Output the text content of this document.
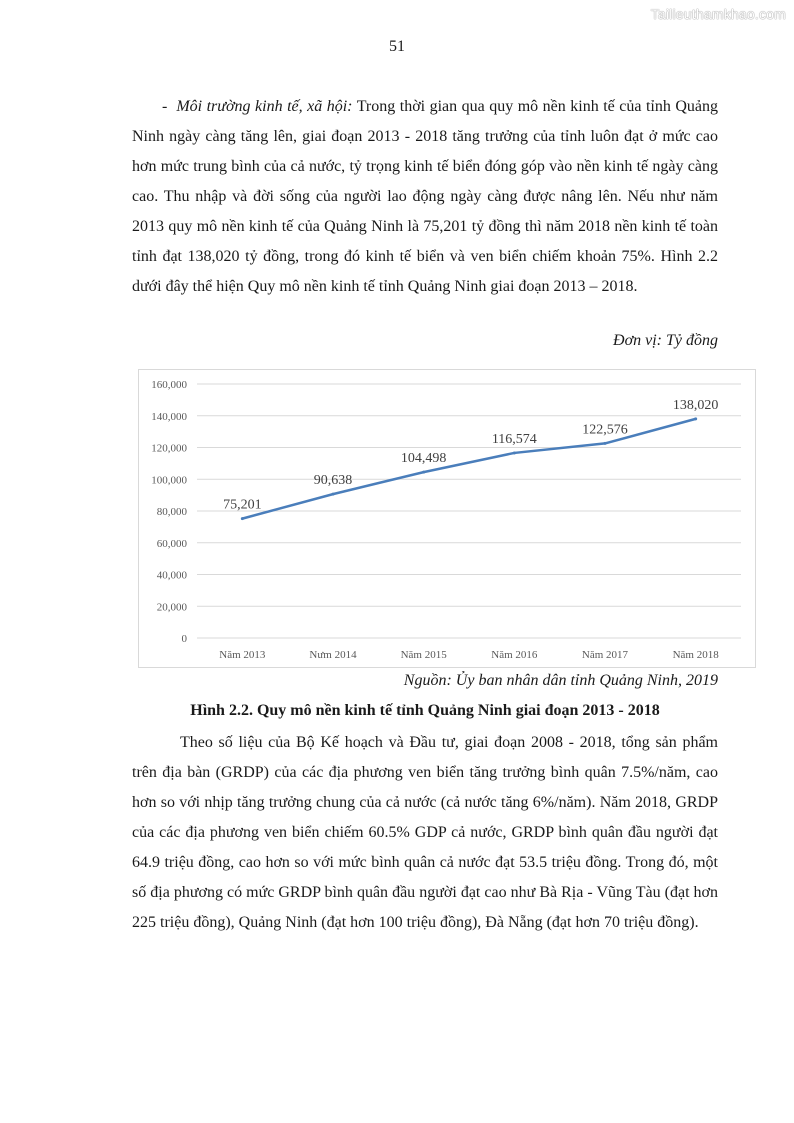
Tailieuthamkhao.com
51

- Môi trường kinh tế, xã hội: Trong thời gian qua quy mô nền kinh tế của tỉnh Quảng Ninh ngày càng tăng lên, giai đoạn 2013 - 2018 tăng trưởng của tỉnh luôn đạt ở mức cao hơn mức trung bình của cả nước, tỷ trọng kinh tế biển đóng góp vào nền kinh tế ngày càng cao. Thu nhập và đời sống của người lao động ngày càng được nâng lên. Nếu như năm 2013 quy mô nền kinh tế của Quảng Ninh là 75,201 tỷ đồng thì năm 2018 nền kinh tế toàn tỉnh đạt 138,020 tỷ đồng, trong đó kinh tế biển và ven biển chiếm khoản 75%. Hình 2.2 dưới đây thể hiện Quy mô nền kinh tế tỉnh Quảng Ninh giai đoạn 2013 – 2018.

Đơn vị: Tỷ đồng
0
20,000
40,000
60,000
80,000
100,000
120,000
140,000
160,000
Năm 2013	Nưm 2014	Năm 2015	Năm 2016	Năm 2017	Năm 2018
75,201
90,638
104,498
116,574
122,576
138,020
Nguồn: Ủy ban nhân dân tỉnh Quảng Ninh, 2019
Hình 2.2. Quy mô nền kinh tế tỉnh Quảng Ninh giai đoạn 2013 - 2018

Theo số liệu của Bộ Kế hoạch và Đầu tư, giai đoạn 2008 - 2018, tổng sản phẩm trên địa bàn (GRDP) của các địa phương ven biển tăng trưởng bình quân 7.5%/năm, cao hơn so với nhịp tăng trưởng chung của cả nước (cả nước tăng 6%/năm). Năm 2018, GRDP của các địa phương ven biển chiếm 60.5% GDP cả nước, GRDP bình quân đầu người đạt 64.9 triệu đồng, cao hơn so với mức bình quân cả nước đạt 53.5 triệu đồng. Trong đó, một số địa phương có mức GRDP bình quân đầu người đạt cao như Bà Rịa - Vũng Tàu (đạt hơn 225 triệu đồng), Quảng Ninh (đạt hơn 100 triệu đồng), Đà Nẵng (đạt hơn 70 triệu đồng).
